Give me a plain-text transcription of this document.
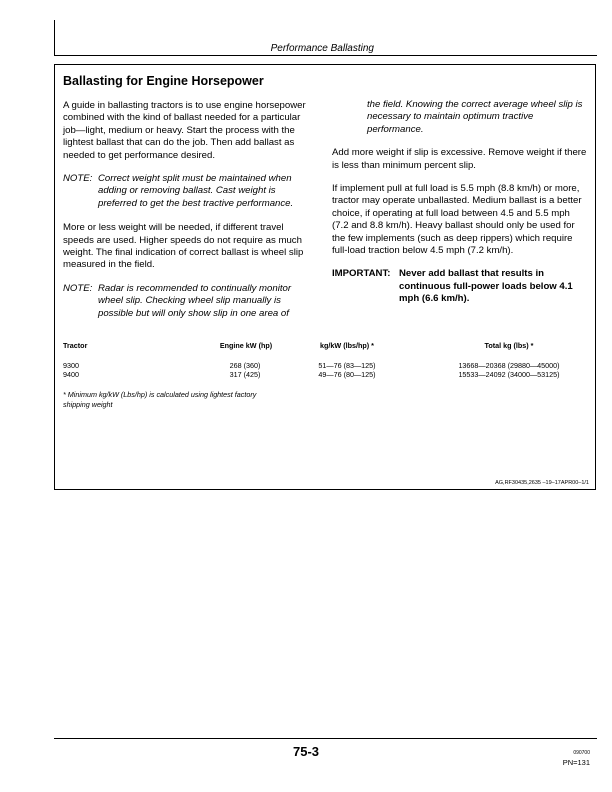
Performance Ballasting
Ballasting for Engine Horsepower

A guide in ballasting tractors is to use engine horsepower combined with the kind of ballast needed for a particular job—light, medium or heavy. Start the process with the lightest ballast that can do the job. Then add ballast as needed to get performance desired.

NOTE: Correct weight split must be maintained when adding or removing ballast. Cast weight is preferred to get the best tractive performance.

More or less weight will be needed, if different travel speeds are used. Higher speeds do not require as much weight. The final indication of correct ballast is wheel slip measured in the field.

NOTE: Radar is recommended to continually monitor wheel slip. Checking wheel slip manually is possible but will only show slip in one area of
the field. Knowing the correct average wheel slip is necessary to maintain optimum tractive performance.

Add more weight if slip is excessive. Remove weight if there is less than minimum percent slip.

If implement pull at full load is 5.5 mph (8.8 km/h) or more, tractor may operate unballasted. Medium ballast is a better choice, if operating at full load between 4.5 and 5.5 mph (7.2 and 8.8 km/h). Heavy ballast should only be used for the few implements (such as deep rippers) which require full-load traction below 4.5 mph (7.2 km/h).

IMPORTANT: Never add ballast that results in continuous full-power loads below 4.1 mph (6.6 km/h).
Tractor	Engine kW (hp)	kg/kW (lbs/hp) *	Total kg (lbs) *
9300	268 (360)	51—76 (83—125)	13668—20368 (29880—45000)
9400	317 (425)	49—76 (80—125)	15533—24092 (34000—53125)
* Minimum kg/kW (Lbs/hp) is calculated using lightest factory shipping weight
AG,RF30435,2635 –19–17APR00–1/1
75-3	090700
PN=131
